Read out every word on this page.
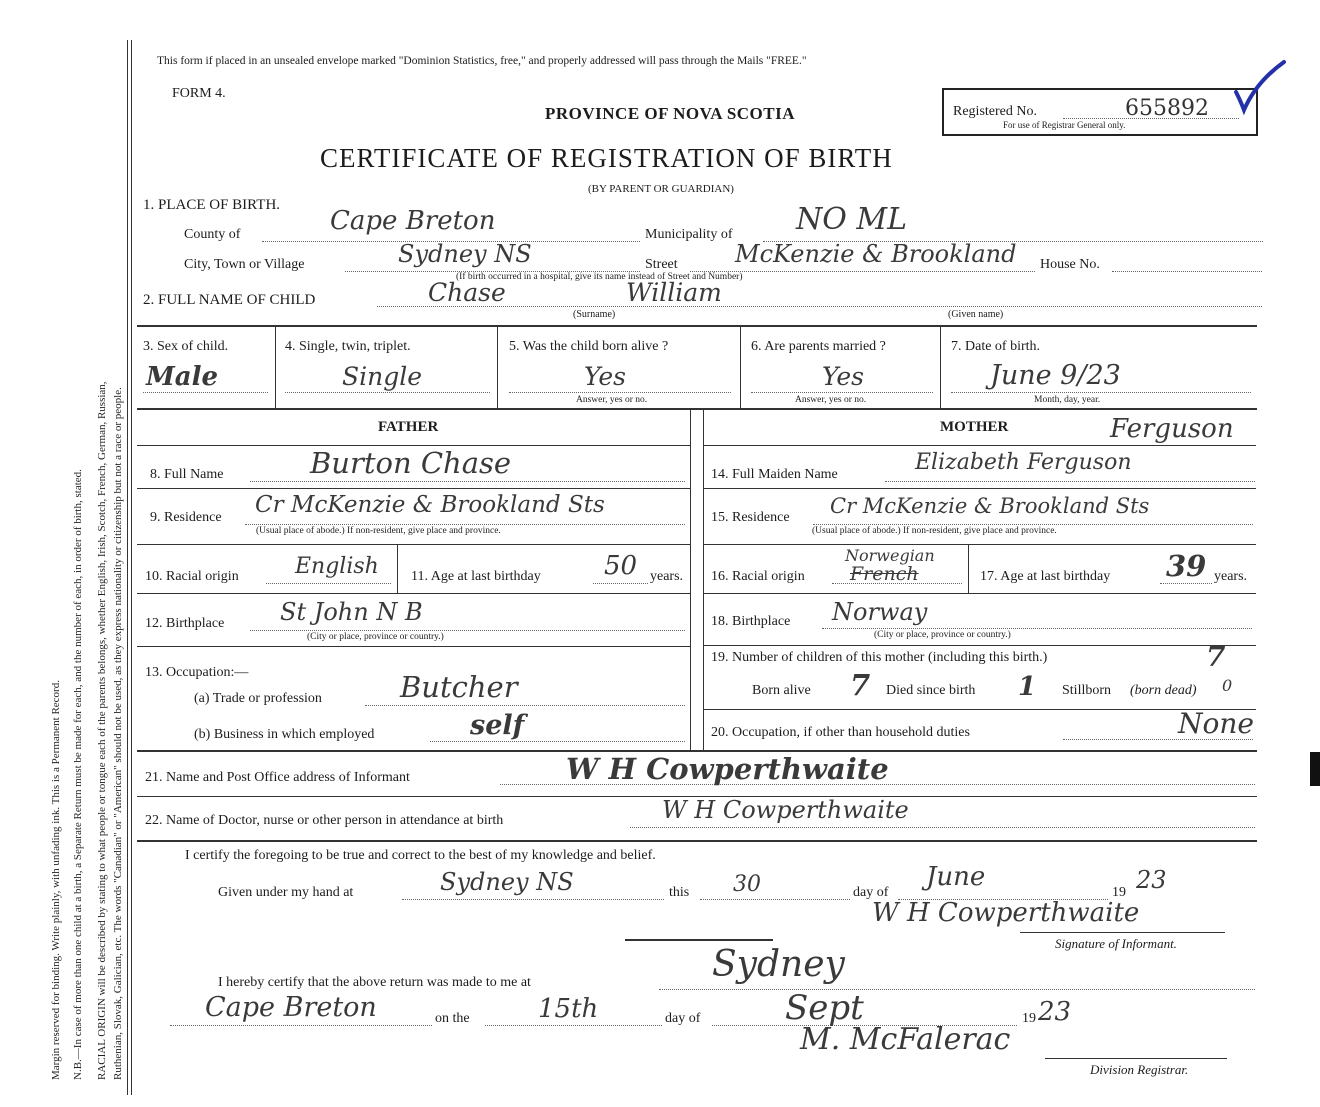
Margin reserved for binding. Write plainly, with unfading ink. This is a Permanent Record. N.B.—In case of more than one child at a birth, a Separate Return must be made for each, and the number of each, in order of birth, stated. RACIAL ORIGIN will be described by stating to what people or tongue each of the parents belongs, whether English, Irish, Scotch, French, German, Russian, Ruthenian, Slovak, Galician, etc. The words "Canadian" or "American" should not be used, as they express nationality or citizenship but not a race or people.
This form if placed in an unsealed envelope marked "Dominion Statistics, free," and properly addressed will pass through the Mails "FREE."
FORM 4.
PROVINCE OF NOVA SCOTIA
CERTIFICATE OF REGISTRATION OF BIRTH
(BY PARENT OR GUARDIAN)
Registered No.	655892
For use of Registrar General only.
1. PLACE OF BIRTH.
County of	Cape Breton	Municipality of NO ML
City, Town or Village	Sydney NS	Street McKenzie & Brookland House No.
(If birth occurred in a hospital, give its name instead of Street and Number)
2. FULL NAME OF CHILD	Chase	William
(Surname)	(Given name)
3. Sex of child.
Male
4. Single, twin, triplet.
Single
5. Was the child born alive ?
Yes
Answer, yes or no.
6. Are parents married ?
Yes
Answer, yes or no.
7. Date of birth.
June 9/23
Month, day, year.
FATHER	MOTHER	Ferguson
8. Full Name	Burton Chase
9. Residence Cr McKenzie & Brookland Sts
(Usual place of abode.) If non-resident, give place and province.
10. Racial origin	English 11. Age at last birthday 50 years.
12. Birthplace St John N B
(City or place, province or country.)
13. Occupation:—
(a) Trade or profession	Butcher
(b) Business in which employed	self
14. Full Maiden Name	Elizabeth Ferguson
15. Residence Cr McKenzie & Brookland Sts
(Usual place of abode.) If non-resident, give place and province.
16. Racial origin
Norwegian
French	17. Age at last birthday 39 years.
18. Birthplace Norway
(City or place, province or country.)
19. Number of children of this mother (including this birth.)	7
Born alive 7 Died since birth 1 Stillborn (born dead) 0
20. Occupation, if other than household duties	None
21. Name and Post Office address of Informant	W H Cowperthwaite
22. Name of Doctor, nurse or other person in attendance at birth	W H Cowperthwaite
I certify the foregoing to be true and correct to the best of my knowledge and belief.
Given under my hand at	Sydney NS	this 30	day of
June
19 23
W H Cowperthwaite
Signature of Informant.
I hereby certify that the above return was made to me at	Sydney
Cape Breton	on the	15th	day of Sept	19 23
M. McFalerac
Division Registrar.
